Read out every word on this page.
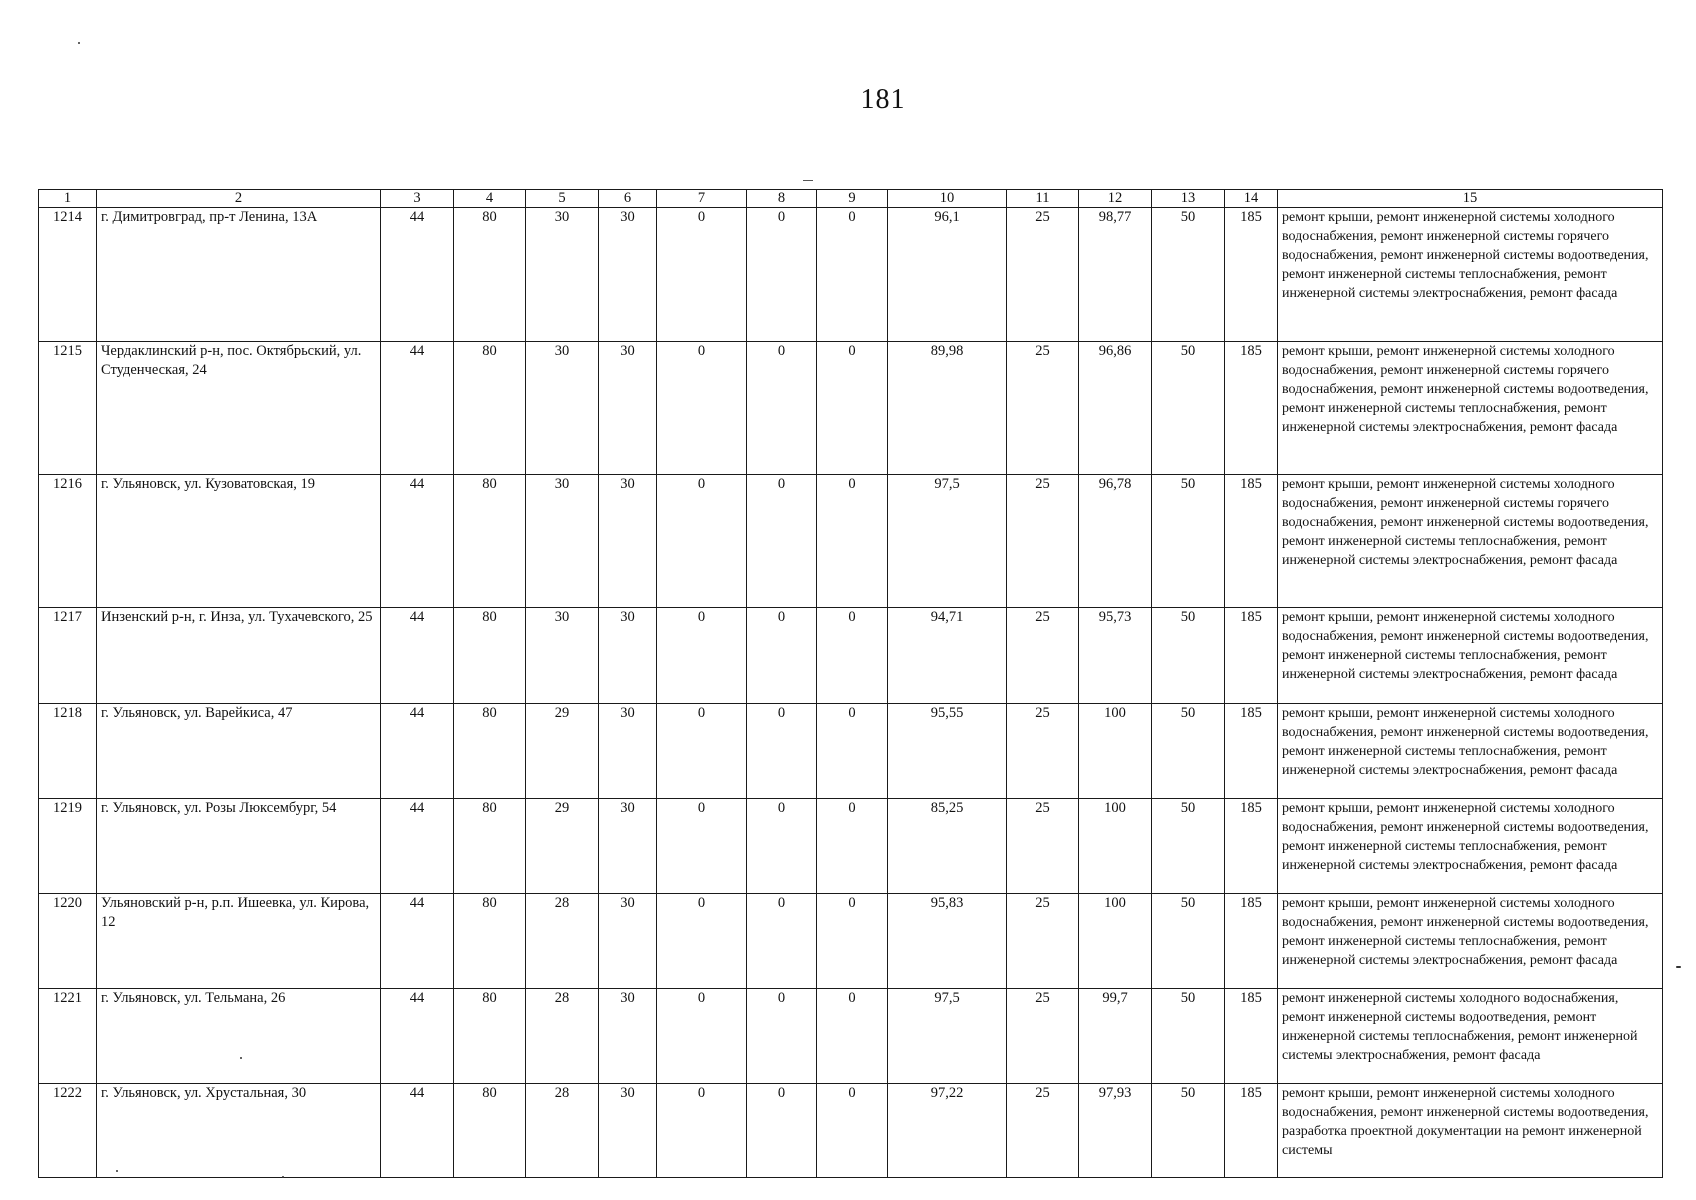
181
1	2	3	4	5	6	7	8	9	10	11	12	13	14	15
1214	г. Димитровград, пр-т Ленина, 13А	44	80	30	30	0	0	0	96,1	25	98,77	50	185	ремонт крыши, ремонт инженерной системы холодного водоснабжения, ремонт инженерной системы горячего водоснабжения, ремонт инженерной системы водоотведения, ремонт инженерной системы теплоснабжения, ремонт инженерной системы электроснабжения, ремонт фасада
1215	Чердаклинский р-н, пос. Октябрьский, ул. Студенческая, 24	44	80	30	30	0	0	0	89,98	25	96,86	50	185	ремонт крыши, ремонт инженерной системы холодного водоснабжения, ремонт инженерной системы горячего водоснабжения, ремонт инженерной системы водоотведения, ремонт инженерной системы теплоснабжения, ремонт инженерной системы электроснабжения, ремонт фасада
1216	г. Ульяновск, ул. Кузоватовская, 19	44	80	30	30	0	0	0	97,5	25	96,78	50	185	ремонт крыши, ремонт инженерной системы холодного водоснабжения, ремонт инженерной системы горячего водоснабжения, ремонт инженерной системы водоотведения, ремонт инженерной системы теплоснабжения, ремонт инженерной системы электроснабжения, ремонт фасада
1217	Инзенский р-н, г. Инза, ул. Тухачевского, 25	44	80	30	30	0	0	0	94,71	25	95,73	50	185	ремонт крыши, ремонт инженерной системы холодного водоснабжения, ремонт инженерной системы водоотведения, ремонт инженерной системы теплоснабжения, ремонт инженерной системы электроснабжения, ремонт фасада
1218	г. Ульяновск, ул. Варейкиса, 47	44	80	29	30	0	0	0	95,55	25	100	50	185	ремонт крыши, ремонт инженерной системы холодного водоснабжения, ремонт инженерной системы водоотведения, ремонт инженерной системы теплоснабжения, ремонт инженерной системы электроснабжения, ремонт фасада
1219	г. Ульяновск, ул. Розы Люксембург, 54	44	80	29	30	0	0	0	85,25	25	100	50	185	ремонт крыши, ремонт инженерной системы холодного водоснабжения, ремонт инженерной системы водоотведения, ремонт инженерной системы теплоснабжения, ремонт инженерной системы электроснабжения, ремонт фасада
1220	Ульяновский р-н, р.п. Ишеевка, ул. Кирова, 12	44	80	28	30	0	0	0	95,83	25	100	50	185	ремонт крыши, ремонт инженерной системы холодного водоснабжения, ремонт инженерной системы водоотведения, ремонт инженерной системы теплоснабжения, ремонт инженерной системы электроснабжения, ремонт фасада
1221	г. Ульяновск, ул. Тельмана, 26	44	80	28	30	0	0	0	97,5	25	99,7	50	185	ремонт инженерной системы холодного водоснабжения, ремонт инженерной системы водоотведения, ремонт инженерной системы теплоснабжения, ремонт инженерной системы электроснабжения, ремонт фасада
1222	г. Ульяновск, ул. Хрустальная, 30	44	80	28	30	0	0	0	97,22	25	97,93	50	185	ремонт крыши, ремонт инженерной системы холодного водоснабжения, ремонт инженерной системы водоотведения, разработка проектной документации на ремонт инженерной системы
